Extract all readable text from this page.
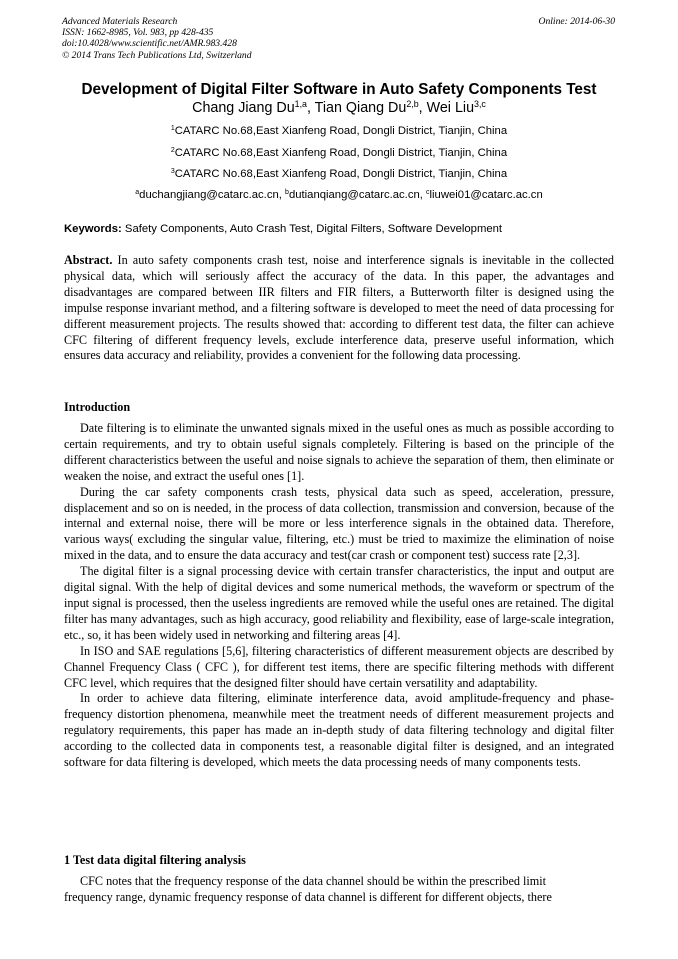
Advanced Materials Research
ISSN: 1662-8985, Vol. 983, pp 428-435
doi:10.4028/www.scientific.net/AMR.983.428
© 2014 Trans Tech Publications Ltd, Switzerland
Online: 2014-06-30
Development of Digital Filter Software in Auto Safety Components Test
Chang Jiang Du$^{1,a}$, Tian Qiang Du$^{2,b}$, Wei Liu$^{3,c}$
$^1$CATARC No.68,East Xianfeng Road, Dongli District, Tianjin, China
$^2$CATARC No.68,East Xianfeng Road, Dongli District, Tianjin, China
$^3$CATARC No.68,East Xianfeng Road, Dongli District, Tianjin, China
$^a$duchangjiang@catarc.ac.cn, $^b$dutianqiang@catarc.ac.cn, $^c$liuwei01@catarc.ac.cn
Keywords: Safety Components, Auto Crash Test, Digital Filters, Software Development
Abstract. In auto safety components crash test, noise and interference signals is inevitable in the collected physical data, which will seriously affect the accuracy of the data. In this paper, the advantages and disadvantages are compared between IIR filters and FIR filters, a Butterworth filter is designed using the impulse response invariant method, and a filtering software is developed to meet the need of data processing for different measurement projects. The results showed that: according to different test data, the filter can achieve CFC filtering of different frequency levels, exclude interference data, preserve useful information, which ensures data accuracy and reliability, provides a convenient for the following data processing.
Introduction

Date filtering is to eliminate the unwanted signals mixed in the useful ones as much as possible according to certain requirements, and try to obtain useful signals completely. Filtering is based on the principle of the different characteristics between the useful and noise signals to achieve the separation of them, then eliminate or weaken the noise, and extract the useful ones [1].

During the car safety components crash tests, physical data such as speed, acceleration, pressure, displacement and so on is needed, in the process of data collection, transmission and conversion, because of the internal and external noise, there will be more or less interference signals in the obtained data. Therefore, various ways( excluding the singular value, filtering, etc.) must be tried to maximize the elimination of noise mixed in the data, and to ensure the data accuracy and test(car crash or component test) success rate [2,3].

The digital filter is a signal processing device with certain transfer characteristics, the input and output are digital signal. With the help of digital devices and some numerical methods, the waveform or spectrum of the input signal is processed, then the useless ingredients are removed while the useful ones are retained. The digital filter has many advantages, such as high accuracy, good reliability and flexibility, ease of large-scale integration, etc., so, it has been widely used in networking and filtering areas [4].

In ISO and SAE regulations [5,6], filtering characteristics of different measurement objects are described by Channel Frequency Class ( CFC ), for different test items, there are specific filtering methods with different CFC level, which requires that the designed filter should have certain versatility and adaptability.

In order to achieve data filtering, eliminate interference data, avoid amplitude-frequency and phase-frequency distortion phenomena, meanwhile meet the treatment needs of different measurement projects and regulatory requirements, this paper has made an in-depth study of data filtering technology and digital filter according to the collected data in components test, a reasonable digital filter is designed, and an integrated software for data filtering is developed, which meets the data processing needs of many components tests.

1 Test data digital filtering analysis

CFC notes that the frequency response of the data channel should be within the prescribed limit

frequency range, dynamic frequency response of data channel is different for different objects, there
